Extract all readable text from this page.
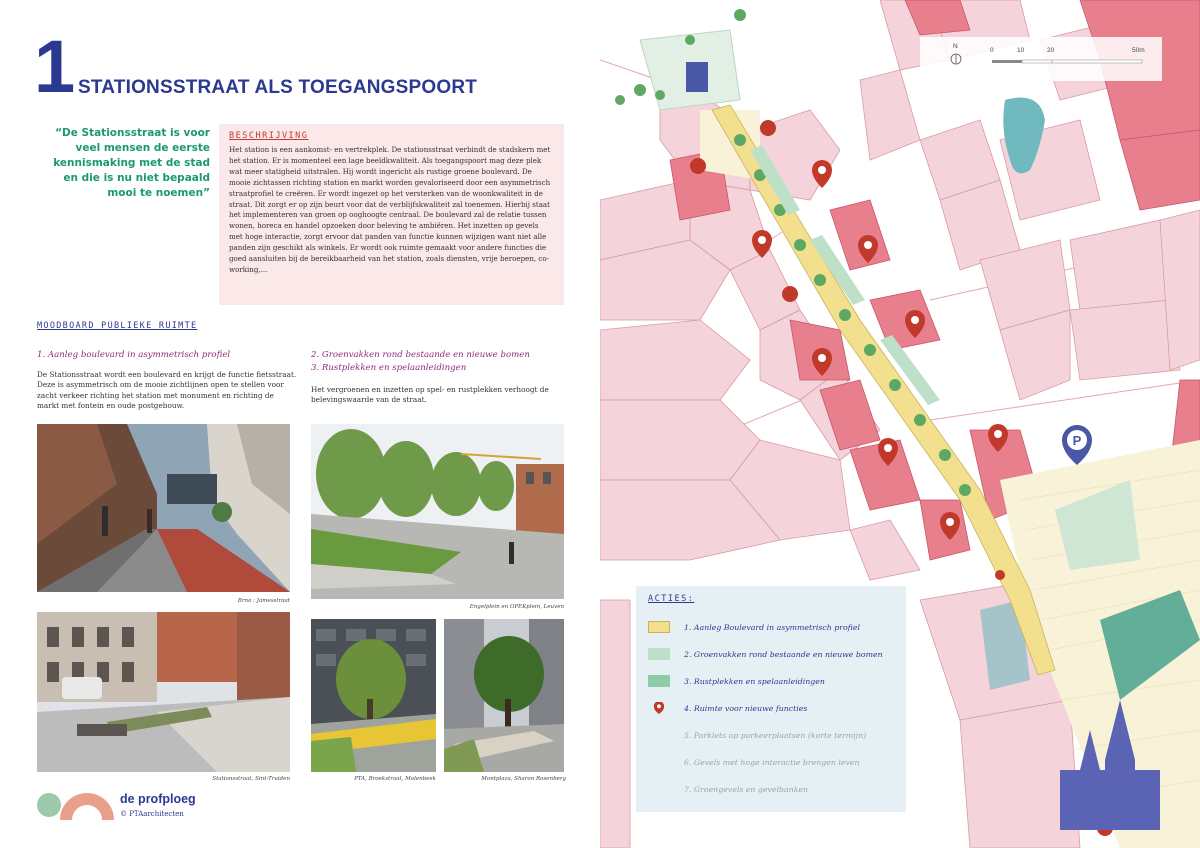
1 STATIONSSTRAAT ALS TOEGANGSPOORT
“De Stationsstraat is voor veel mensen de eerste kennismaking met de stad en die is nu niet bepaald mooi te noemen”
BESCHRIJVING
Het station is een aankomst- en vertrekplek. De stationsstraat verbindt de stadskern met het station. Er is momenteel een lage beeldkwaliteit. Als toegangspoort mag deze plek wat meer statigheid uitstralen. Hij wordt ingericht als rustige groene boulevard. De mooie zichtassen richting station en markt worden gevaloriseerd door een asymmetrisch straatprofiel te creëren. Er wordt ingezet op het versterken van de woonkwaliteit in de straat. Dit zorgt er op zijn beurt voor dat de verblijfskwaliteit zal toenemen. Hierbij staat het implementeren van groen op ooghoogte centraal. De boulevard zal de relatie tussen wonen, horeca en handel opzoeken door beleving te ambiëren. Het inzetten op gevels met hoge interactie, zorgt ervoor dat panden van functie kunnen wijzigen want niet alle panden zijn geschikt als winkels. Er wordt ook ruimte gemaakt voor andere functies die goed aansluiten bij de bereikbaarheid van het station, zoals diensten, vrije beroepen, co-working,...
MOODBOARD PUBLIEKE RUIMTE
1. Aanleg boulevard in asymmetrisch profiel
De Stationsstraat wordt een boulevard en krijgt de functie fietsstraat. Deze is asymmetrisch om de mooie zichtlijnen open te stellen voor zacht verkeer richting het station met monument en richting de markt met fontein en oude postgebouw.
2. Groenvakken rond bestaande en nieuwe bomen
3. Rustplekken en spelaanleidingen
Het vergroenen en inzetten op spel- en rustplekken verhoogt de belevingswaarde van de straat.
Brno : Jamesstraat
Stationsstraat, Sint-Truiden
Engelplein en OPEKplein, Leuven
PTA, Broekstraat, Molenbeek	Montplaza, Sharon Rosenberg
de profploeg
© PTAarchitecten
P
N
0	10	20	50m
ACTIES:
1. Aanleg Boulevard in asymmetrisch profiel
2. Groenvakken rond bestaande en nieuwe bomen
3. Rustplekken en spelaanleidingen
4. Ruimte voor nieuwe functies
5. Parklets op parkeerplaatsen (korte termijn)
6. Gevels met hoge interactie brengen leven
7. Groengevels en gevelbanken
